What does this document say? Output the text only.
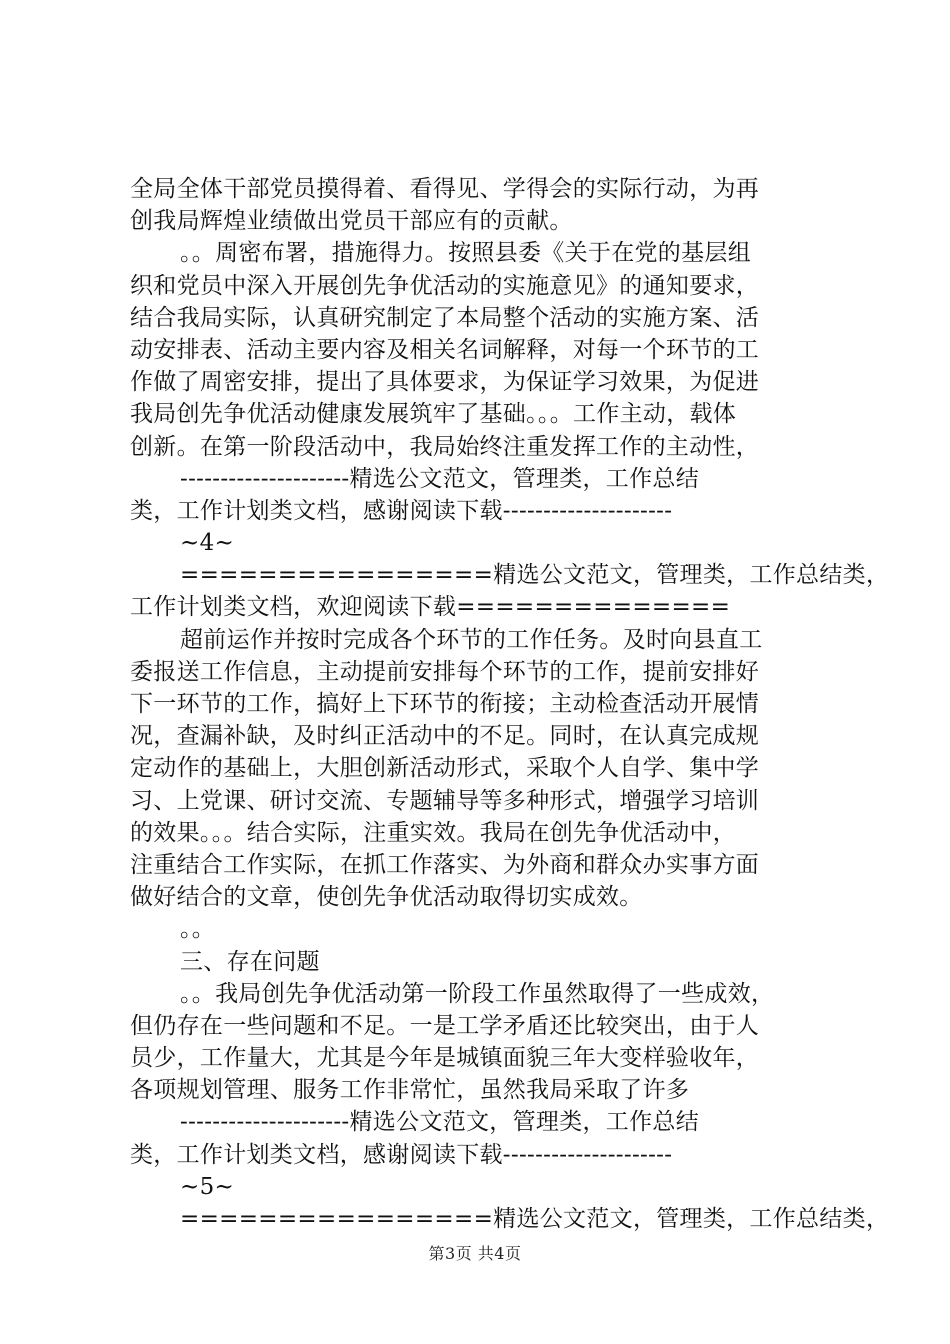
全局全体干部党员摸得着、看得见、学得会的实际行动，为再
创我局辉煌业绩做出党员干部应有的贡献。
。。周密布署，措施得力。按照县委《关于在党的基层组
织和党员中深入开展创先争优活动的实施意见》的通知要求，
结合我局实际，认真研究制定了本局整个活动的实施方案、活
动安排表、活动主要内容及相关名词解释，对每一个环节的工
作做了周密安排，提出了具体要求，为保证学习效果，为促进
我局创先争优活动健康发展筑牢了基础。。。工作主动，载体
创新。在第一阶段活动中，我局始终注重发挥工作的主动性，
---------------------精选公文范文，管理类，工作总结
类，工作计划类文档，感谢阅读下载---------------------
~4~
================精选公文范文，管理类，工作总结类，
工作计划类文档，欢迎阅读下载==============
超前运作并按时完成各个环节的工作任务。及时向县直工
委报送工作信息，主动提前安排每个环节的工作，提前安排好
下一环节的工作，搞好上下环节的衔接；主动检查活动开展情
况，查漏补缺，及时纠正活动中的不足。同时，在认真完成规
定动作的基础上，大胆创新活动形式，采取个人自学、集中学
习、上党课、研讨交流、专题辅导等多种形式，增强学习培训
的效果。。。结合实际，注重实效。我局在创先争优活动中，
注重结合工作实际，在抓工作落实、为外商和群众办实事方面
做好结合的文章，使创先争优活动取得切实成效。
。。
三、存在问题
。。我局创先争优活动第一阶段工作虽然取得了一些成效，
但仍存在一些问题和不足。一是工学矛盾还比较突出，由于人
员少，工作量大，尤其是今年是城镇面貌三年大变样验收年，
各项规划管理、服务工作非常忙，虽然我局采取了许多
---------------------精选公文范文，管理类，工作总结
类，工作计划类文档，感谢阅读下载---------------------
~5~
================精选公文范文，管理类，工作总结类，
第3页 共4页
